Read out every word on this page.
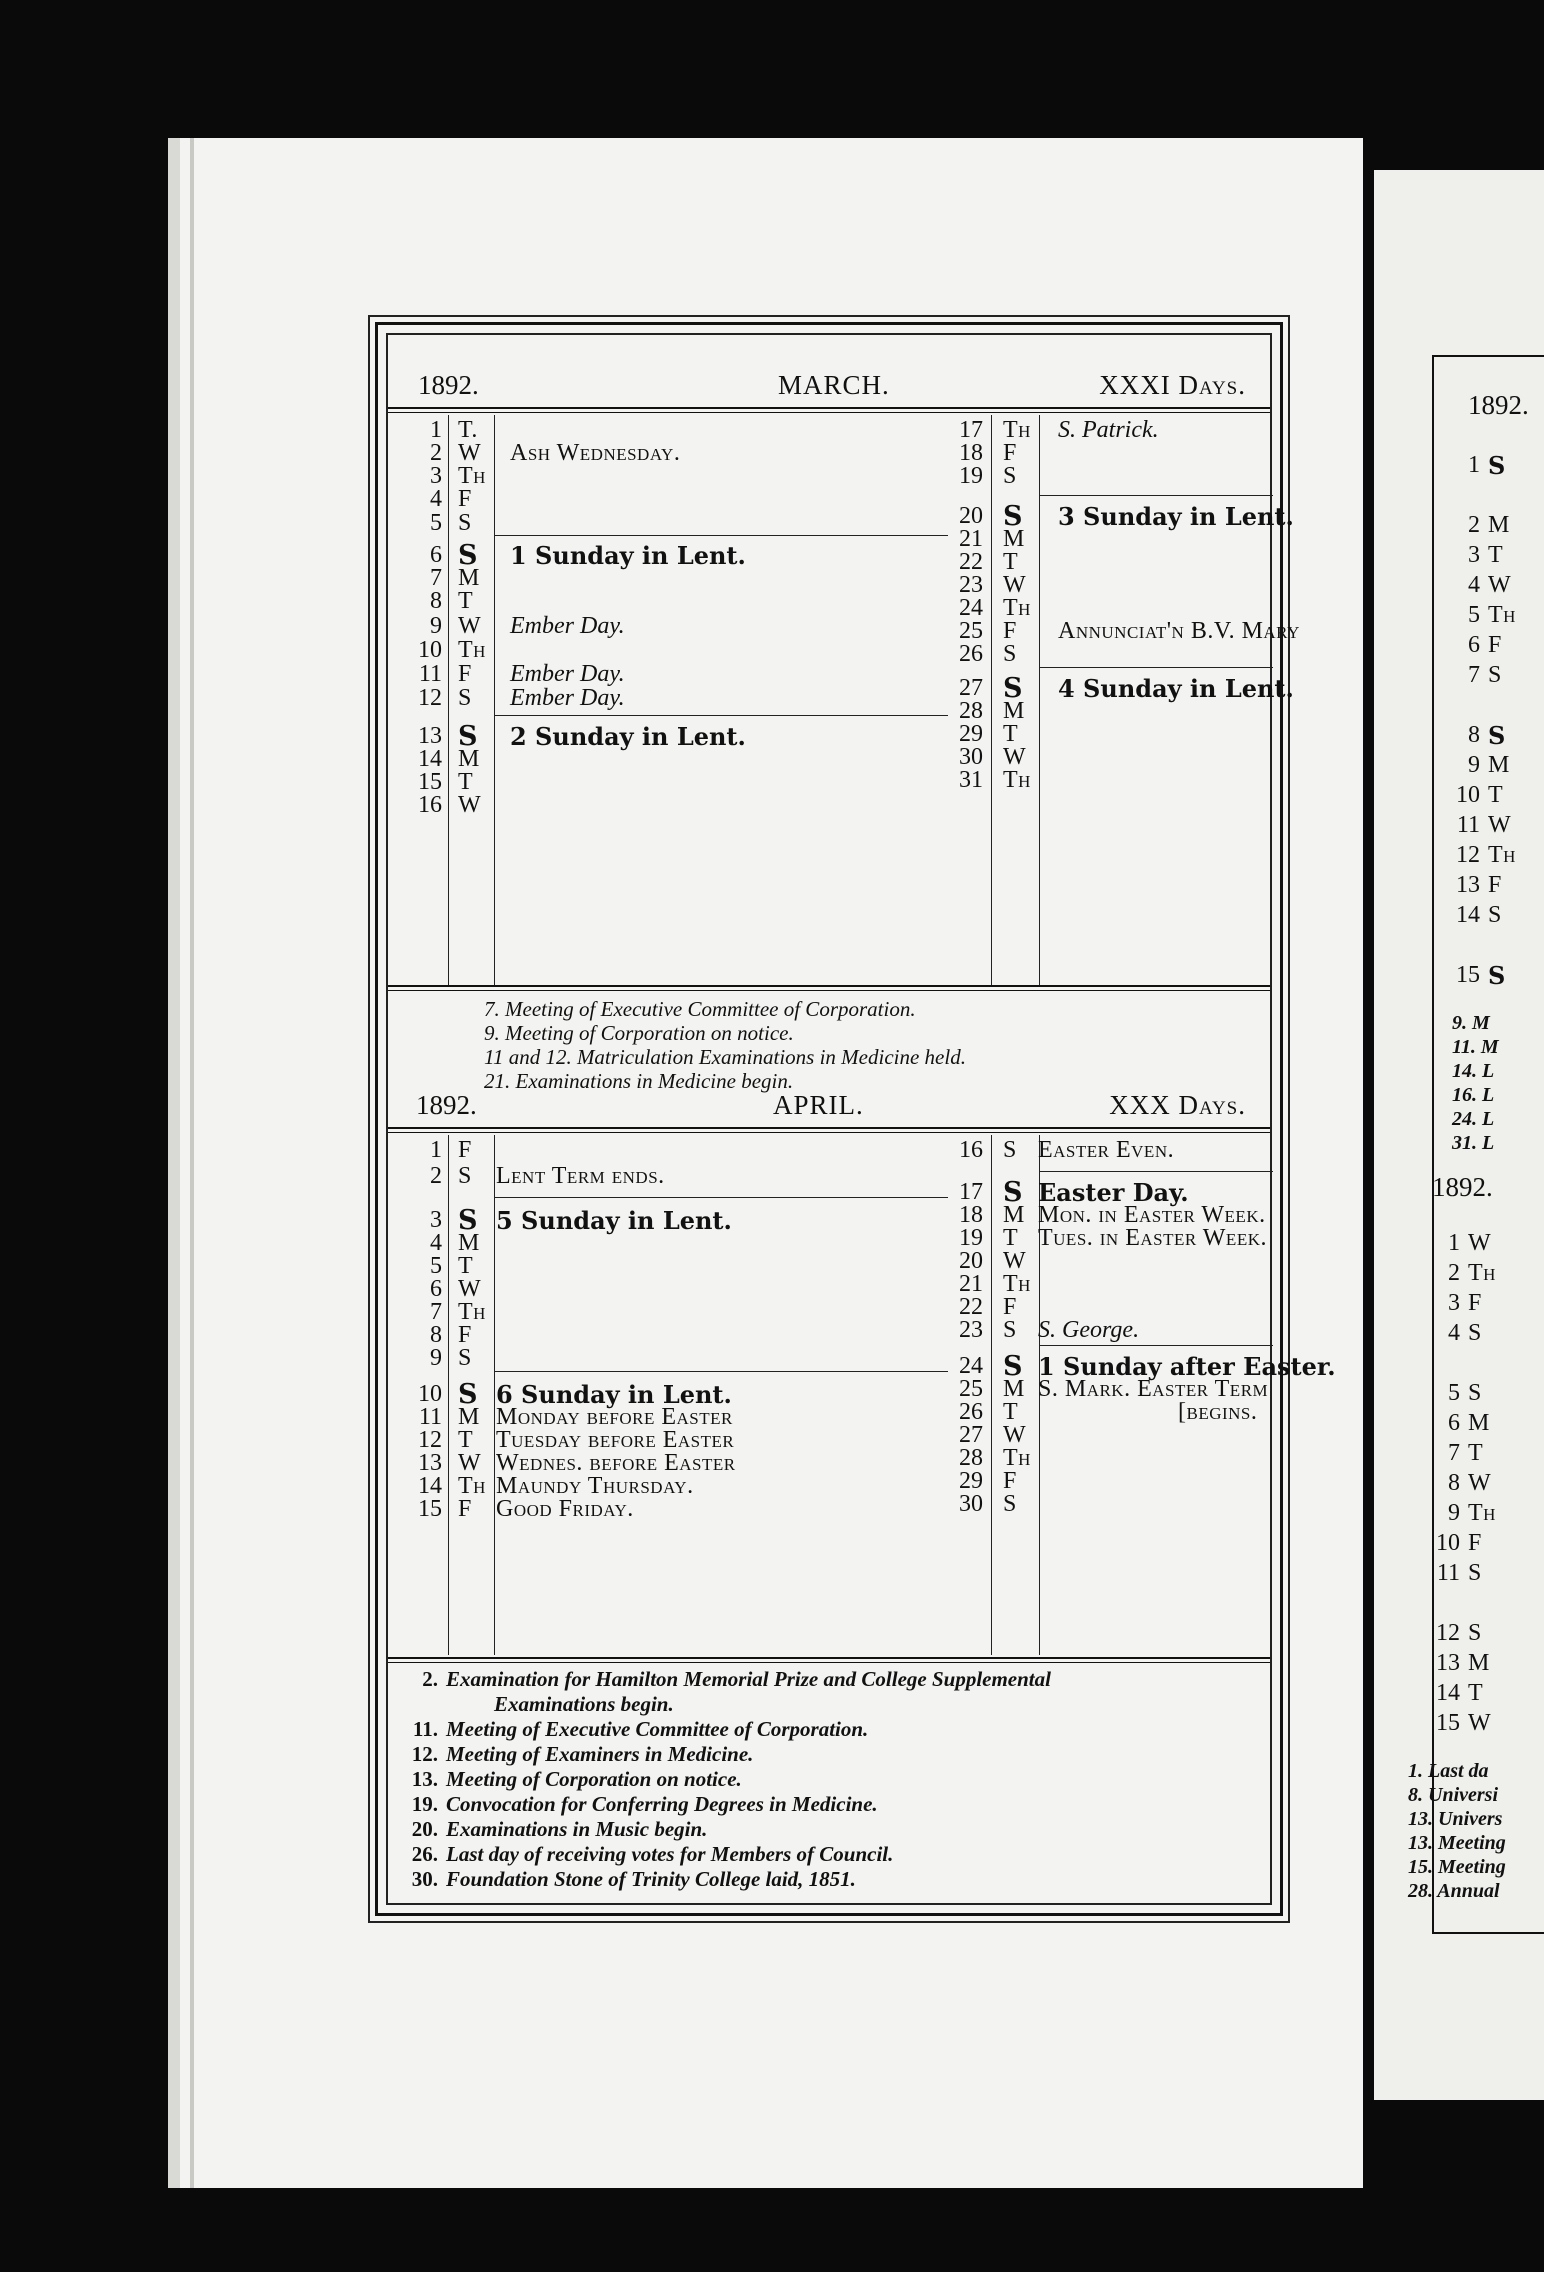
1892.	MARCH.	XXXI Days.
1 T.
2 W Ash Wednesday.
3 Th
4 F
5 S
6 S 1 Sunday in Lent.
7 M
8 T
9 W Ember Day.
10 Th
11 F Ember Day.
12 S Ember Day.
13 S 2 Sunday in Lent.
14 M
15 T
16 W
17 Th S. Patrick.
18 F
19 S
20 S 3 Sunday in Lent.
21 M
22 T
23 W
24 Th
25 F Annunciat'n B.V. Mary
26 S
27 S 4 Sunday in Lent.
28 M
29 T
30 W
31 Th
7. Meeting of Executive Committee of Corporation.
9. Meeting of Corporation on notice.
11 and 12. Matriculation Examinations in Medicine held.
21. Examinations in Medicine begin.
1892.	APRIL.	XXX Days.
1 F
2 S Lent Term ends.
3 S 5 Sunday in Lent.
4 M
5 T
6 W
7 Th
8 F
9 S
10 S 6 Sunday in Lent.
11 M Monday before Easter
12 T Tuesday before Easter
13 W Wednes. before Easter
14 Th Maundy Thursday.
15 F Good Friday.
16 S Easter Even.
17 S Easter Day.
18 M Mon. in Easter Week.
19 T Tues. in Easter Week.
20 W
21 Th
22 F
23 S S. George.
24 S 1 Sunday after Easter.
25 M S. Mark. Easter Term
26 T	[begins.
27 W
28 Th
29 F
30 S
2. Examination for Hamilton Memorial Prize and College Supplemental
Examinations begin.
11. Meeting of Executive Committee of Corporation.
12. Meeting of Examiners in Medicine.
13. Meeting of Corporation on notice.
19. Convocation for Conferring Degrees in Medicine.
20. Examinations in Music begin.
26. Last day of receiving votes for Members of Council.
30. Foundation Stone of Trinity College laid, 1851.
1892.
1 S
2 M
3 T
4 W
5 Th
6 F
7 S
8 S
9 M
10 T
11 W
12 Th
13 F
14 S
15 S
9. M
11. M
14. L
16. L
24. L
31. L
1892.
1 W
2 Th
3 F
4 S
5 S
6 M
7 T
8 W
9 Th
10 F
11 S
12 S
13 M
14 T
15 W
1. Last da
8. Universi
13. Univers
13. Meeting
15. Meeting
28. Annual
